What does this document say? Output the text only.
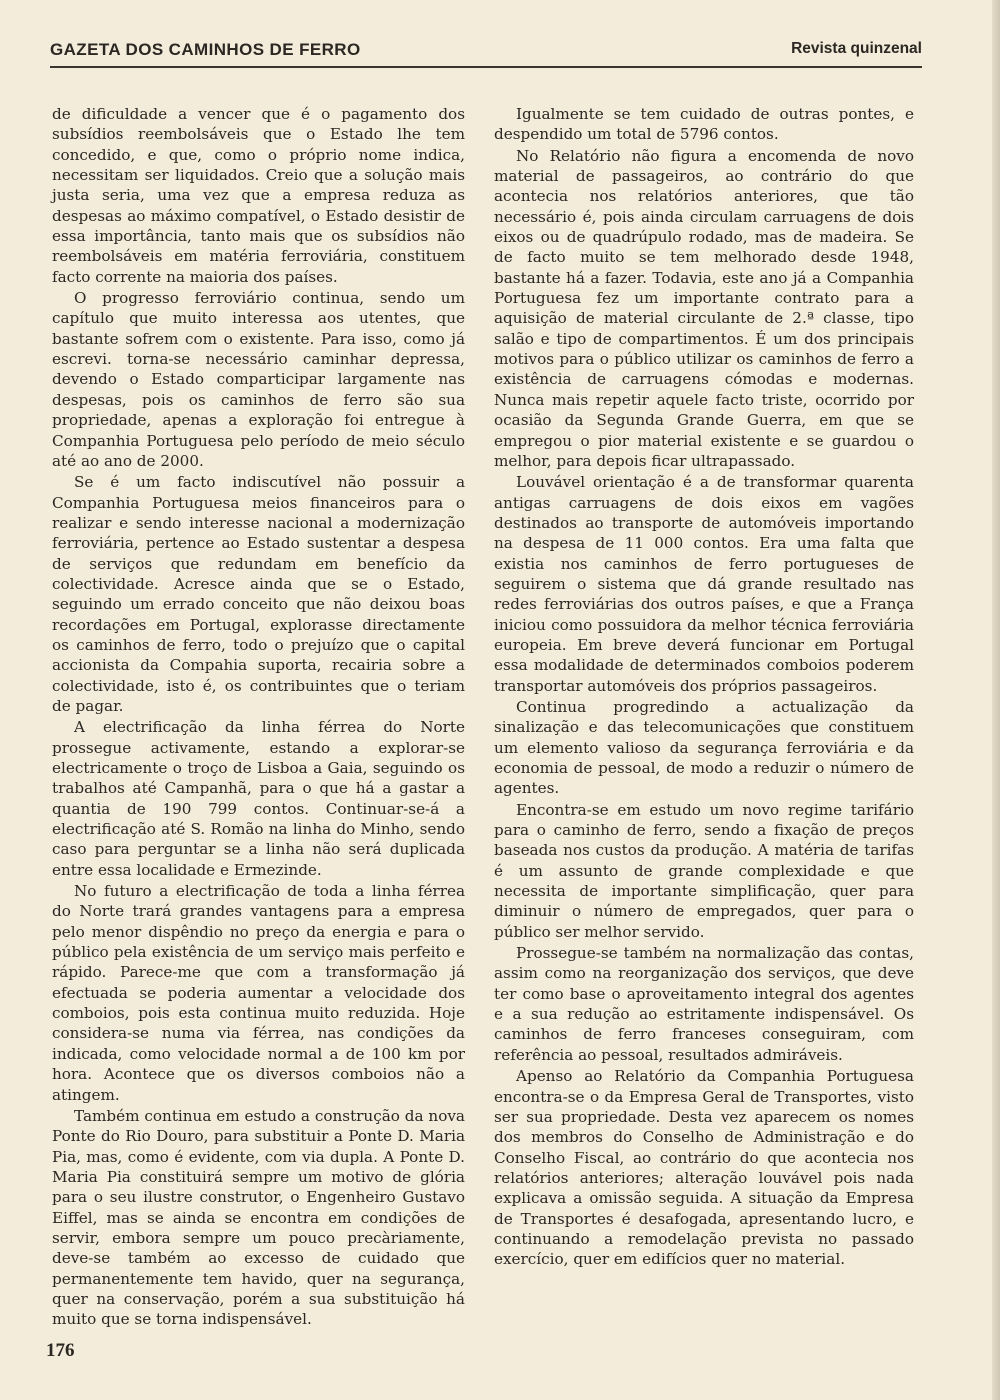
GAZETA DOS CAMINHOS DE FERRO	Revista quinzenal

de dificuldade a vencer que é o pagamento dos subsídios reembolsáveis que o Estado lhe tem concedido, e que, como o próprio nome indica, necessitam ser liquidados. Creio que a solução mais justa seria, uma vez que a empresa reduza as despesas ao máximo compatível, o Estado desistir de essa importância, tanto mais que os subsídios não reembolsáveis em matéria ferroviária, constituem facto corrente na maioria dos países.

O progresso ferroviário continua, sendo um capítulo que muito interessa aos utentes, que bastante sofrem com o existente. Para isso, como já escrevi. torna-se necessário caminhar depressa, devendo o Estado comparticipar largamente nas despesas, pois os caminhos de ferro são sua propriedade, apenas a exploração foi entregue à Companhia Portuguesa pelo período de meio século até ao ano de 2000.

Se é um facto indiscutível não possuir a Companhia Portuguesa meios financeiros para o realizar e sendo interesse nacional a modernização ferroviária, pertence ao Estado sustentar a despesa de serviços que redundam em benefício da colectividade. Acresce ainda que se o Estado, seguindo um errado conceito que não deixou boas recordações em Portugal, explorasse directamente os caminhos de ferro, todo o prejuízo que o capital accionista da Compahia suporta, recairia sobre a colectividade, isto é, os contribuintes que o teriam de pagar.

A electrificação da linha férrea do Norte prossegue activamente, estando a explorar-se electricamente o troço de Lisboa a Gaia, seguindo os trabalhos até Campanhã, para o que há a gastar a quantia de 190 799 contos. Continuar-se-á a electrificação até S. Romão na linha do Minho, sendo caso para perguntar se a linha não será duplicada entre essa localidade e Ermezinde.

No futuro a electrificação de toda a linha férrea do Norte trará grandes vantagens para a empresa pelo menor dispêndio no preço da energia e para o público pela existência de um serviço mais perfeito e rápido. Parece-me que com a transformação já efectuada se poderia aumentar a velocidade dos comboios, pois esta continua muito reduzida. Hoje considera-se numa via férrea, nas condições da indicada, como velocidade normal a de 100 km por hora. Acontece que os diversos comboios não a atingem.

Também continua em estudo a construção da nova Ponte do Rio Douro, para substituir a Ponte D. Maria Pia, mas, como é evidente, com via dupla. A Ponte D. Maria Pia constituirá sempre um motivo de glória para o seu ilustre construtor, o Engenheiro Gustavo Eiffel, mas se ainda se encontra em condições de servir, embora sempre um pouco precàriamente, deve-se também ao excesso de cuidado que permanentemente tem havido, quer na segurança, quer na conservação, porém a sua substituição há muito que se torna indispensável.

Igualmente se tem cuidado de outras pontes, e despendido um total de 5796 contos.

No Relatório não figura a encomenda de novo material de passageiros, ao contrário do que acontecia nos relatórios anteriores, que tão necessário é, pois ainda circulam carruagens de dois eixos ou de quadrúpulo rodado, mas de madeira. Se de facto muito se tem melhorado desde 1948, bastante há a fazer. Todavia, este ano já a Companhia Portuguesa fez um importante contrato para a aquisição de material circulante de 2.ª classe, tipo salão e tipo de compartimentos. É um dos principais motivos para o público utilizar os caminhos de ferro a existência de carruagens cómodas e modernas. Nunca mais repetir aquele facto triste, ocorrido por ocasião da Segunda Grande Guerra, em que se empregou o pior material existente e se guardou o melhor, para depois ficar ultrapassado.

Louvável orientação é a de transformar quarenta antigas carruagens de dois eixos em vagões destinados ao transporte de automóveis importando na despesa de 11 000 contos. Era uma falta que existia nos caminhos de ferro portugueses de seguirem o sistema que dá grande resultado nas redes ferroviárias dos outros países, e que a França iniciou como possuidora da melhor técnica ferroviária europeia. Em breve deverá funcionar em Portugal essa modalidade de determinados comboios poderem transportar automóveis dos próprios passageiros.

Continua progredindo a actualização da sinalização e das telecomunicações que constituem um elemento valioso da segurança ferroviária e da economia de pessoal, de modo a reduzir o número de agentes.

Encontra-se em estudo um novo regime tarifário para o caminho de ferro, sendo a fixação de preços baseada nos custos da produção. A matéria de tarifas é um assunto de grande complexidade e que necessita de importante simplificação, quer para diminuir o número de empregados, quer para o público ser melhor servido.

Prossegue-se também na normalização das contas, assim como na reorganização dos serviços, que deve ter como base o aproveitamento integral dos agentes e a sua redução ao estritamente indispensável. Os caminhos de ferro franceses conseguiram, com referência ao pessoal, resultados admiráveis.

Apenso ao Relatório da Companhia Portuguesa encontra-se o da Empresa Geral de Transportes, visto ser sua propriedade. Desta vez aparecem os nomes dos membros do Conselho de Administração e do Conselho Fiscal, ao contrário do que acontecia nos relatórios anteriores; alteração louvável pois nada explicava a omissão seguida. A situação da Empresa de Transportes é desafogada, apresentando lucro, e continuando a remodelação prevista no passado exercício, quer em edifícios quer no material.

176
